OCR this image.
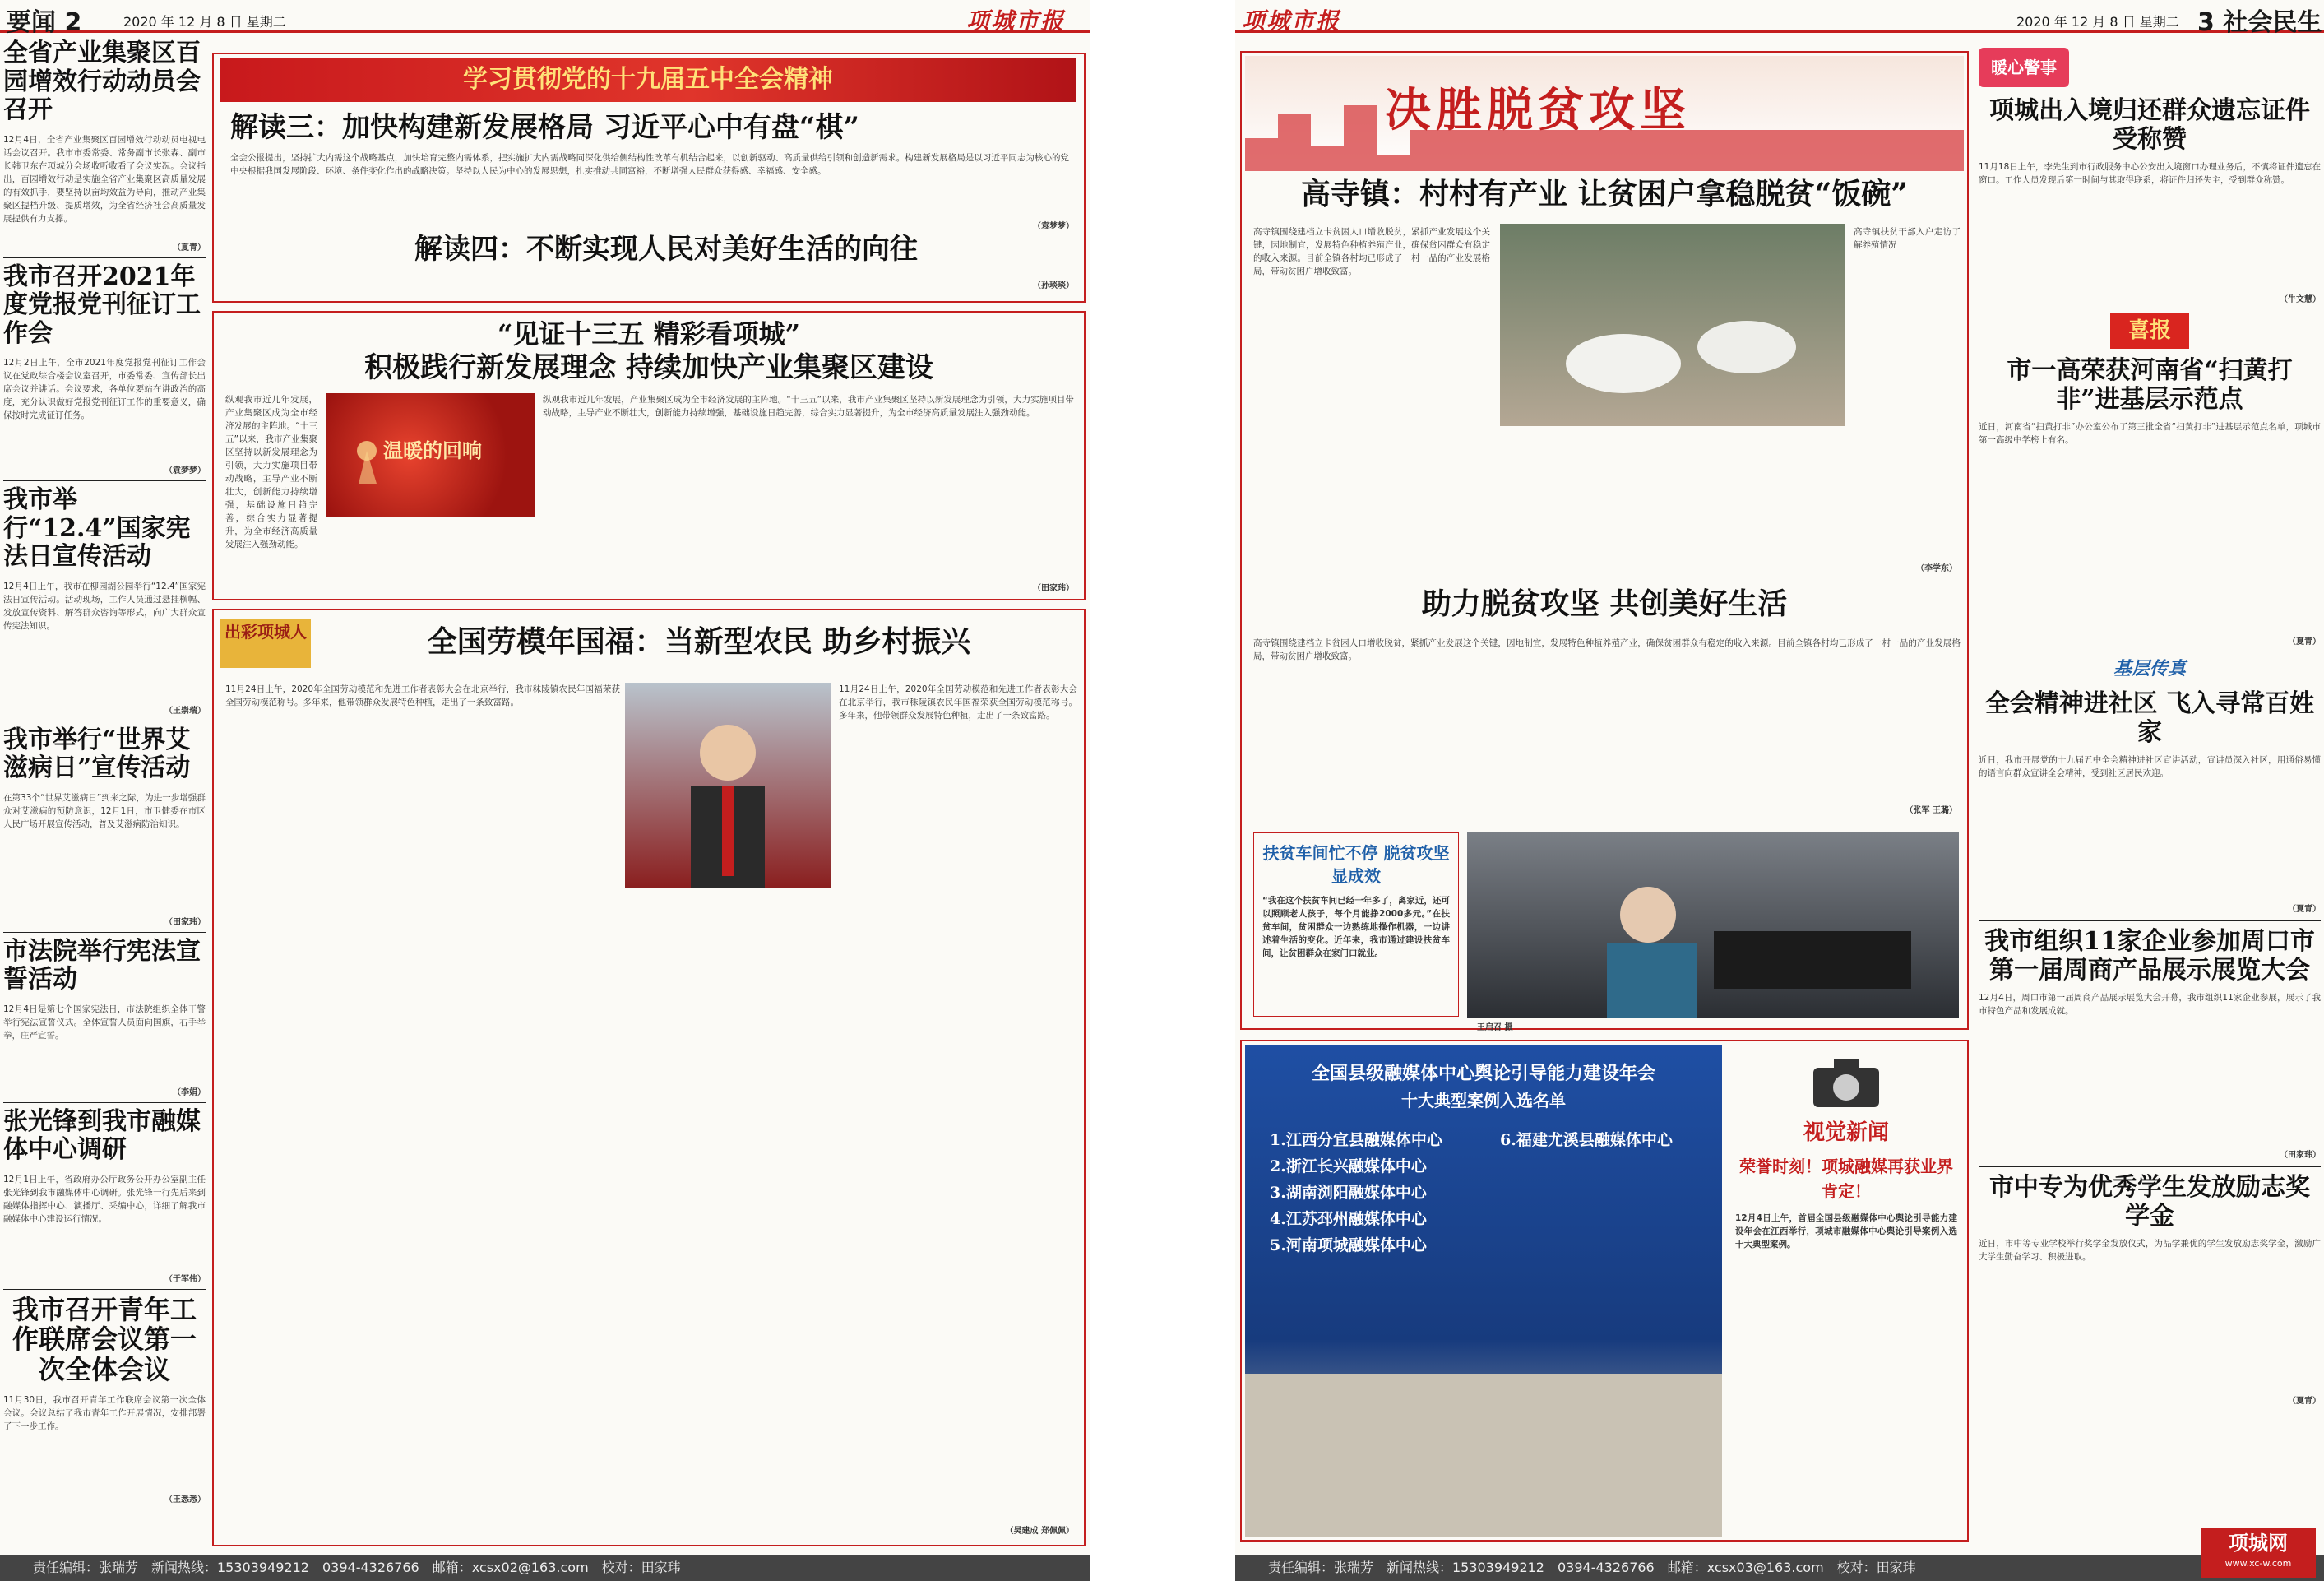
要闻 2	2020 年 12 月 8 日 星期二	项城市报
全省产业集聚区百园增效行动动员会召开
12月4日，全省产业集聚区百园增效行动动员电视电话会议召开。我市市委常委、常务副市长张森、副市长韩卫东在项城分会场收听收看了会议实况。会议指出，百园增效行动是实施全省产业集聚区高质量发展的有效抓手，要坚持以亩均效益为导向，推动产业集聚区提档升级、提质增效，为全省经济社会高质量发展提供有力支撑。
（夏青）
我市召开2021年度党报党刊征订工作会
12月2日上午，全市2021年度党报党刊征订工作会议在党政综合楼会议室召开，市委常委、宣传部长出席会议并讲话。会议要求，各单位要站在讲政治的高度，充分认识做好党报党刊征订工作的重要意义，确保按时完成征订任务。
（袁梦梦）
我市举行“12.4”国家宪法日宣传活动
12月4日上午，我市在柳园湖公园举行“12.4”国家宪法日宣传活动。活动现场，工作人员通过悬挂横幅、发放宣传资料、解答群众咨询等形式，向广大群众宣传宪法知识。
（王崇瑞）
我市举行“世界艾滋病日”宣传活动
在第33个“世界艾滋病日”到来之际，为进一步增强群众对艾滋病的预防意识，12月1日，市卫健委在市区人民广场开展宣传活动，普及艾滋病防治知识。
（田家玮）
市法院举行宪法宣誓活动
12月4日是第七个国家宪法日，市法院组织全体干警举行宪法宣誓仪式。全体宣誓人员面向国旗，右手举拳，庄严宣誓。
（李娟）
张光锋到我市融媒体中心调研
12月1日上午，省政府办公厅政务公开办公室副主任张光锋到我市融媒体中心调研。张光锋一行先后来到融媒体指挥中心、演播厅、采编中心，详细了解我市融媒体中心建设运行情况。
（于军伟）
我市召开青年工作联席会议第一次全体会议
11月30日，我市召开青年工作联席会议第一次全体会议。会议总结了我市青年工作开展情况，安排部署了下一步工作。
（王悉悉）
学习贯彻党的十九届五中全会精神
解读三：加快构建新发展格局 习近平心中有盘“棋”
全会公报提出，坚持扩大内需这个战略基点，加快培育完整内需体系，把实施扩大内需战略同深化供给侧结构性改革有机结合起来，以创新驱动、高质量供给引领和创造新需求。构建新发展格局是以习近平同志为核心的党中央根据我国发展阶段、环境、条件变化作出的战略决策。坚持以人民为中心的发展思想，扎实推动共同富裕，不断增强人民群众获得感、幸福感、安全感。
（袁梦梦）
解读四：不断实现人民对美好生活的向往
（孙琰琰）
“见证十三五 精彩看项城”
积极践行新发展理念 持续加快产业集聚区建设
纵观我市近几年发展，产业集聚区成为全市经济发展的主阵地。“十三五”以来，我市产业集聚区坚持以新发展理念为引领，大力实施项目带动战略，主导产业不断壮大，创新能力持续增强，基础设施日趋完善，综合实力显著提升，为全市经济高质量发展注入强劲动能。
温暖的回响
纵观我市近几年发展，产业集聚区成为全市经济发展的主阵地。“十三五”以来，我市产业集聚区坚持以新发展理念为引领，大力实施项目带动战略，主导产业不断壮大，创新能力持续增强，基础设施日趋完善，综合实力显著提升，为全市经济高质量发展注入强劲动能。
（田家玮）
出彩项城人	全国劳模年国福：当新型农民 助乡村振兴
11月24日上午，2020年全国劳动模范和先进工作者表彰大会在北京举行，我市秣陵镇农民年国福荣获全国劳动模范称号。多年来，他带领群众发展特色种植，走出了一条致富路。
11月24日上午，2020年全国劳动模范和先进工作者表彰大会在北京举行，我市秣陵镇农民年国福荣获全国劳动模范称号。多年来，他带领群众发展特色种植，走出了一条致富路。
（吴建成 郑佩佩）
责任编辑：张瑞芳　新闻热线：15303949212　0394-4326766　邮箱：xcsx02@163.com　校对：田家玮
项城市报	2020 年 12 月 8 日 星期二 3 社会民生
决胜脱贫攻坚
高寺镇：村村有产业 让贫困户拿稳脱贫“饭碗”
高寺镇围绕建档立卡贫困人口增收脱贫，紧抓产业发展这个关键，因地制宜，发展特色种植养殖产业，确保贫困群众有稳定的收入来源。目前全镇各村均已形成了一村一品的产业发展格局，带动贫困户增收致富。
高寺镇扶贫干部入户走访了解养殖情况
（李学东）
助力脱贫攻坚 共创美好生活
高寺镇围绕建档立卡贫困人口增收脱贫，紧抓产业发展这个关键，因地制宜，发展特色种植养殖产业，确保贫困群众有稳定的收入来源。目前全镇各村均已形成了一村一品的产业发展格局，带动贫困户增收致富。
（张军 王璐）
扶贫车间忙不停 脱贫攻坚显成效
“我在这个扶贫车间已经一年多了，离家近，还可以照顾老人孩子，每个月能挣2000多元。”在扶贫车间，贫困群众一边熟练地操作机器，一边讲述着生活的变化。近年来，我市通过建设扶贫车间，让贫困群众在家门口就业。
王启召 摄
全国县级融媒体中心舆论引导能力建设年会
十大典型案例入选名单
1.江西分宜县融媒体中心
2.浙江长兴融媒体中心
3.湖南浏阳融媒体中心
4.江苏邳州融媒体中心
5.河南项城融媒体中心
6.福建尤溪县融媒体中心	视觉新闻
荣誉时刻！项城融媒再获业界肯定！
12月4日上午，首届全国县级融媒体中心舆论引导能力建设年会在江西举行，项城市融媒体中心舆论引导案例入选十大典型案例。
暖心警事
项城出入境归还群众遗忘证件受称赞
11月18日上午，李先生到市行政服务中心公安出入境窗口办理业务后，不慎将证件遗忘在窗口。工作人员发现后第一时间与其取得联系，将证件归还失主，受到群众称赞。
（牛文慧）
喜报
市一高荣获河南省“扫黄打非”进基层示范点
近日，河南省“扫黄打非”办公室公布了第三批全省“扫黄打非”进基层示范点名单，项城市第一高级中学榜上有名。
（夏青）
基层传真
全会精神进社区 飞入寻常百姓家
近日，我市开展党的十九届五中全会精神进社区宣讲活动，宣讲员深入社区，用通俗易懂的语言向群众宣讲全会精神，受到社区居民欢迎。
（夏青）
我市组织11家企业参加周口市第一届周商产品展示展览大会
12月4日，周口市第一届周商产品展示展览大会开幕，我市组织11家企业参展，展示了我市特色产品和发展成就。
（田家玮）
市中专为优秀学生发放励志奖学金
近日，市中等专业学校举行奖学金发放仪式，为品学兼优的学生发放励志奖学金，激励广大学生勤奋学习、积极进取。
（夏青）
责任编辑：张瑞芳　新闻热线：15303949212　0394-4326766　邮箱：xcsx03@163.com　校对：田家玮
项城网
www.xc-w.com
